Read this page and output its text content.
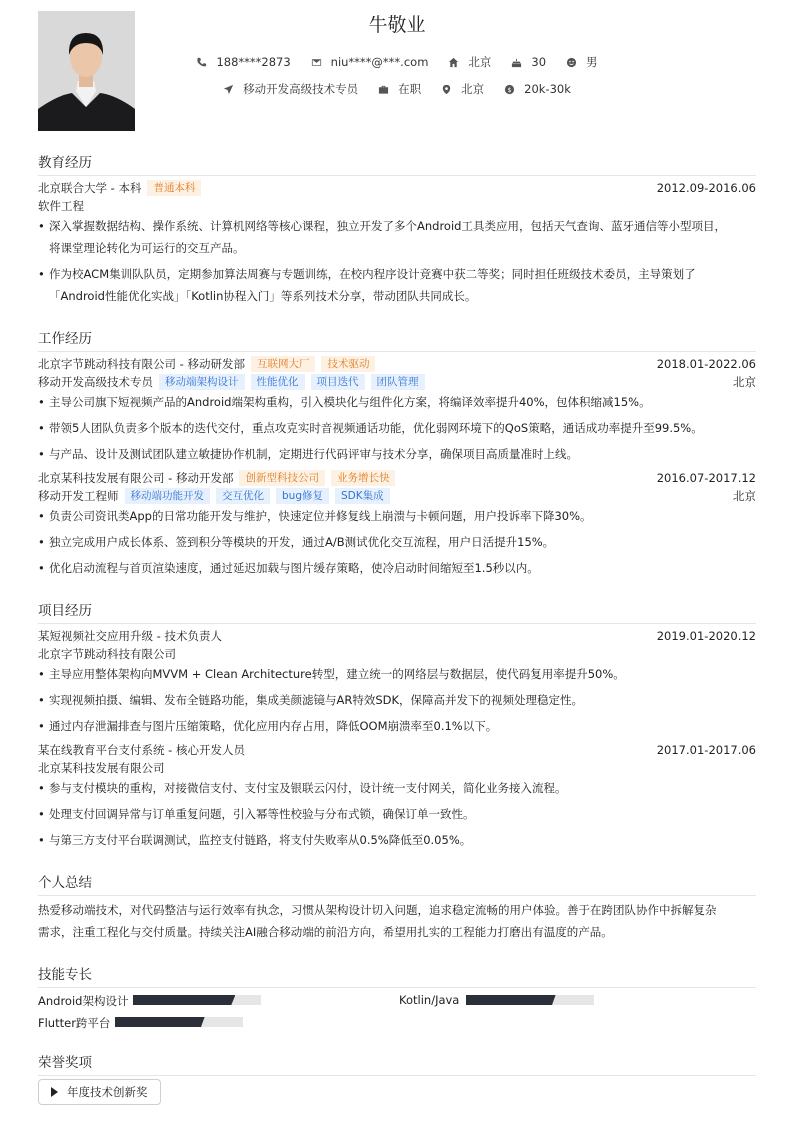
牛敬业
188****2873	niu****@***.com	北京	30	男
移动开发高级技术专员	在职	北京	$ 20k-30k
教育经历
北京联合大学 - 本科	普通本科	2012.09-2016.06
软件工程
• 深入掌握数据结构、操作系统、计算机网络等核心课程，独立开发了多个Android工具类应用，包括天气查询、蓝牙通信等小型项目，
将课堂理论转化为可运行的交互产品。
• 作为校ACM集训队队员，定期参加算法周赛与专题训练，在校内程序设计竞赛中获二等奖；同时担任班级技术委员，主导策划了
「Android性能优化实战」「Kotlin协程入门」等系列技术分享，带动团队共同成长。
工作经历
北京字节跳动科技有限公司 - 移动研发部	互联网大厂	技术驱动	2018.01-2022.06
移动开发高级技术专员	移动端架构设计	性能优化	项目迭代	团队管理	北京
• 主导公司旗下短视频产品的Android端架构重构，引入模块化与组件化方案，将编译效率提升40%，包体积缩减15%。
• 带领5人团队负责多个版本的迭代交付，重点攻克实时音视频通话功能，优化弱网环境下的QoS策略，通话成功率提升至99.5%。
• 与产品、设计及测试团队建立敏捷协作机制，定期进行代码评审与技术分享，确保项目高质量准时上线。
北京某科技发展有限公司 - 移动开发部	创新型科技公司	业务增长快	2016.07-2017.12
移动开发工程师	移动端功能开发	交互优化	bug修复	SDK集成	北京
• 负责公司资讯类App的日常功能开发与维护，快速定位并修复线上崩溃与卡顿问题，用户投诉率下降30%。
• 独立完成用户成长体系、签到积分等模块的开发，通过A/B测试优化交互流程，用户日活提升15%。
• 优化启动流程与首页渲染速度，通过延迟加载与图片缓存策略，使冷启动时间缩短至1.5秒以内。
项目经历
某短视频社交应用升级 - 技术负责人	2019.01-2020.12
北京字节跳动科技有限公司
• 主导应用整体架构向MVVM + Clean Architecture转型，建立统一的网络层与数据层，使代码复用率提升50%。
• 实现视频拍摄、编辑、发布全链路功能，集成美颜滤镜与AR特效SDK，保障高并发下的视频处理稳定性。
• 通过内存泄漏排查与图片压缩策略，优化应用内存占用，降低OOM崩溃率至0.1%以下。
某在线教育平台支付系统 - 核心开发人员	2017.01-2017.06
北京某科技发展有限公司
• 参与支付模块的重构，对接微信支付、支付宝及银联云闪付，设计统一支付网关，简化业务接入流程。
• 处理支付回调异常与订单重复问题，引入幂等性校验与分布式锁，确保订单一致性。
• 与第三方支付平台联调测试，监控支付链路，将支付失败率从0.5%降低至0.05%。
个人总结
热爱移动端技术，对代码整洁与运行效率有执念，习惯从架构设计切入问题，追求稳定流畅的用户体验。善于在跨团队协作中拆解复杂
需求，注重工程化与交付质量。持续关注AI融合移动端的前沿方向，希望用扎实的工程能力打磨出有温度的产品。
技能专长
Android架构设计	Kotlin/Java
Flutter跨平台
荣誉奖项
年度技术创新奖
